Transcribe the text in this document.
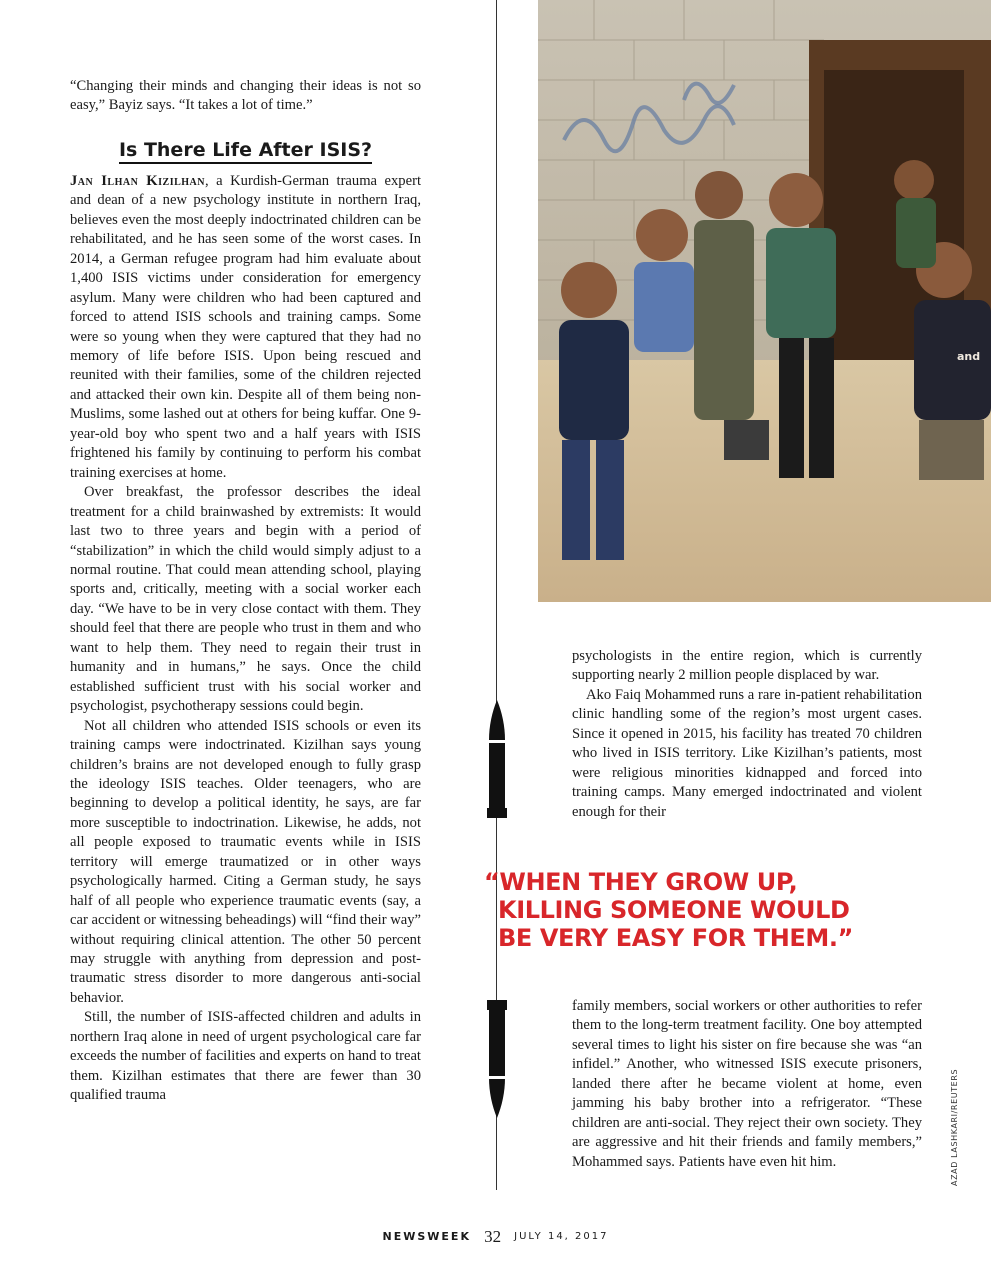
“Changing their minds and changing their ideas is not so easy,” Bayiz says. “It takes a lot of time.”

Is There Life After ISIS?

Jan Ilhan Kizilhan, a Kurdish-German trauma expert and dean of a new psychology institute in northern Iraq, believes even the most deeply indoctrinated children can be rehabilitated, and he has seen some of the worst cases. In 2014, a German refugee program had him evaluate about 1,400 ISIS victims under consideration for emergency asylum. Many were children who had been captured and forced to attend ISIS schools and training camps. Some were so young when they were captured that they had no memory of life before ISIS. Upon being rescued and reunited with their families, some of the children rejected and attacked their own kin. Despite all of them being non-Muslims, some lashed out at others for being kuffar. One 9-year-old boy who spent two and a half years with ISIS frightened his family by continuing to perform his combat training exercises at home.

Over breakfast, the professor describes the ideal treatment for a child brainwashed by extremists: It would last two to three years and begin with a period of “stabilization” in which the child would simply adjust to a normal routine. That could mean attending school, playing sports and, critically, meeting with a social worker each day. “We have to be in very close contact with them. They should feel that there are people who trust in them and who want to help them. They need to regain their trust in humanity and in humans,” he says. Once the child established sufficient trust with his social worker and psychologist, psychotherapy sessions could begin.

Not all children who attended ISIS schools or even its training camps were indoctrinated. Kizilhan says young children’s brains are not developed enough to fully grasp the ideology ISIS teaches. Older teenagers, who are beginning to develop a political identity, he says, are far more susceptible to indoctrination. Likewise, he adds, not all people exposed to traumatic events while in ISIS territory will emerge traumatized or in other ways psychologically harmed. Citing a German study, he says half of all people who experience traumatic events (say, a car accident or witnessing beheadings) will “find their way” without requiring clinical attention. The other 50 percent may struggle with anything from depression and post-traumatic stress disorder to more dangerous anti-social behavior.

Still, the number of ISIS-affected children and adults in northern Iraq alone in need of urgent psychological care far exceeds the number of facilities and experts on hand to treat them. Kizilhan estimates that there are fewer than 30 qualified trauma

and

psychologists in the entire region, which is currently supporting nearly 2 million people displaced by war.

Ako Faiq Mohammed runs a rare in-patient rehabilitation clinic handling some of the region’s most urgent cases. Since it opened in 2015, his facility has treated 70 children who lived in ISIS territory. Like Kizilhan’s patients, most were religious minorities kidnapped and forced into training camps. Many emerged indoctrinated and violent enough for their

“WHEN THEY GROW UP,
KILLING SOMEONE WOULD
BE VERY EASY FOR THEM.”

family members, social workers or other authorities to refer them to the long-term treatment facility. One boy attempted several times to light his sister on fire because she was “an infidel.” Another, who witnessed ISIS execute prisoners, landed there after he became violent at home, even jamming his baby brother into a refrigerator. “These children are anti-social. They reject their own society. They are aggressive and hit their friends and family members,” Mohammed says. Patients have even hit him.	AZAD LASHKARI/REUTERS
NEWSWEEK 32 JULY 14, 2017
